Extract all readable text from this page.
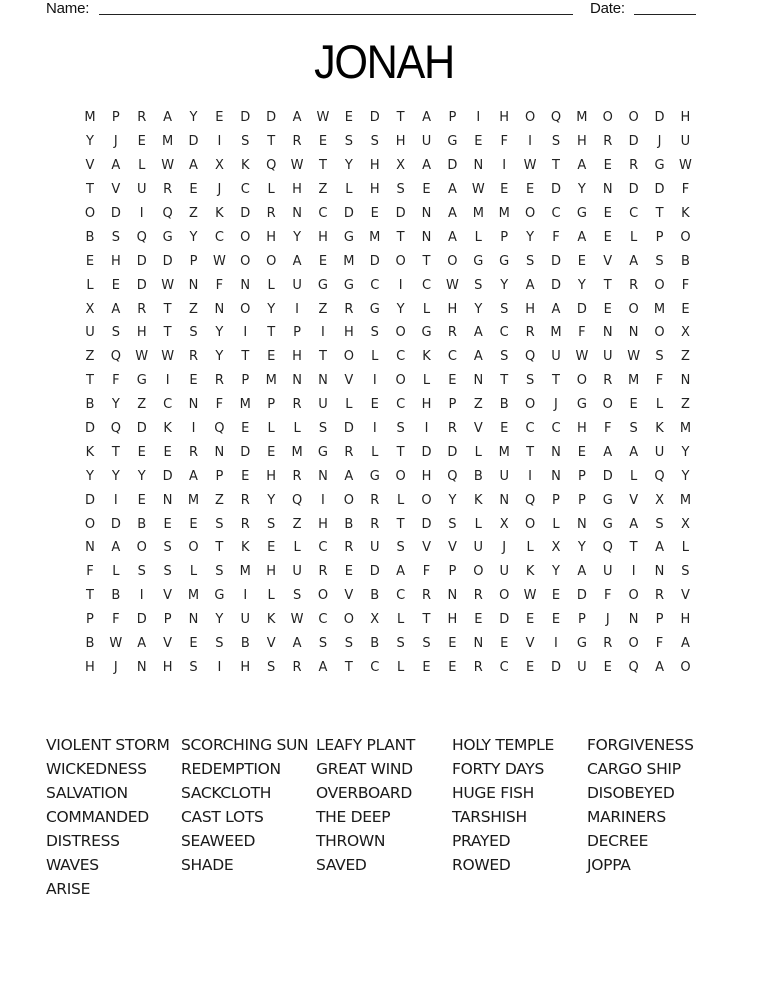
Name:	Date:
JONAH
M	P	R	A	Y	E	D	D	A	W	E	D	T	A	P	I	H	O	Q	M	O	O	D	H
Y	J	E	M	D	I	S	T	R	E	S	S	H	U	G	E	F	I	S	H	R	D	J	U
V	A	L	W	A	X	K	Q	W	T	Y	H	X	A	D	N	I	W	T	A	E	R	G	W
T	V	U	R	E	J	C	L	H	Z	L	H	S	E	A	W	E	E	D	Y	N	D	D	F
O	D	I	Q	Z	K	D	R	N	C	D	E	D	N	A	M	M	O	C	G	E	C	T	K
B	S	Q	G	Y	C	O	H	Y	H	G	M	T	N	A	L	P	Y	F	A	E	L	P	O
E	H	D	D	P	W	O	O	A	E	M	D	O	T	O	G	G	S	D	E	V	A	S	B
L	E	D	W	N	F	N	L	U	G	G	C	I	C	W	S	Y	A	D	Y	T	R	O	F
X	A	R	T	Z	N	O	Y	I	Z	R	G	Y	L	H	Y	S	H	A	D	E	O	M	E
U	S	H	T	S	Y	I	T	P	I	H	S	O	G	R	A	C	R	M	F	N	N	O	X
Z	Q	W	W	R	Y	T	E	H	T	O	L	C	K	C	A	S	Q	U	W	U	W	S	Z
T	F	G	I	E	R	P	M	N	N	V	I	O	L	E	N	T	S	T	O	R	M	F	N
B	Y	Z	C	N	F	M	P	R	U	L	E	C	H	P	Z	B	O	J	G	O	E	L	Z
D	Q	D	K	I	Q	E	L	L	S	D	I	S	I	R	V	E	C	C	H	F	S	K	M
K	T	E	E	R	N	D	E	M	G	R	L	T	D	D	L	M	T	N	E	A	A	U	Y
Y	Y	Y	D	A	P	E	H	R	N	A	G	O	H	Q	B	U	I	N	P	D	L	Q	Y
D	I	E	N	M	Z	R	Y	Q	I	O	R	L	O	Y	K	N	Q	P	P	G	V	X	M
O	D	B	E	E	S	R	S	Z	H	B	R	T	D	S	L	X	O	L	N	G	A	S	X
N	A	O	S	O	T	K	E	L	C	R	U	S	V	V	U	J	L	X	Y	Q	T	A	L
F	L	S	S	L	S	M	H	U	R	E	D	A	F	P	O	U	K	Y	A	U	I	N	S
T	B	I	V	M	G	I	L	S	O	V	B	C	R	N	R	O	W	E	D	F	O	R	V
P	F	D	P	N	Y	U	K	W	C	O	X	L	T	H	E	D	E	E	P	J	N	P	H
B	W	A	V	E	S	B	V	A	S	S	B	S	S	E	N	E	V	I	G	R	O	F	A
H	J	N	H	S	I	H	S	R	A	T	C	L	E	E	R	C	E	D	U	E	Q	A	O
VIOLENT STORM
WICKEDNESS
SALVATION
COMMANDED
DISTRESS
WAVES
ARISE
SCORCHING SUN
REDEMPTION
SACKCLOTH
CAST LOTS
SEAWEED
SHADE
LEAFY PLANT
GREAT WIND
OVERBOARD
THE DEEP
THROWN
SAVED
HOLY TEMPLE
FORTY DAYS
HUGE FISH
TARSHISH
PRAYED
ROWED
FORGIVENESS
CARGO SHIP
DISOBEYED
MARINERS
DECREE
JOPPA
